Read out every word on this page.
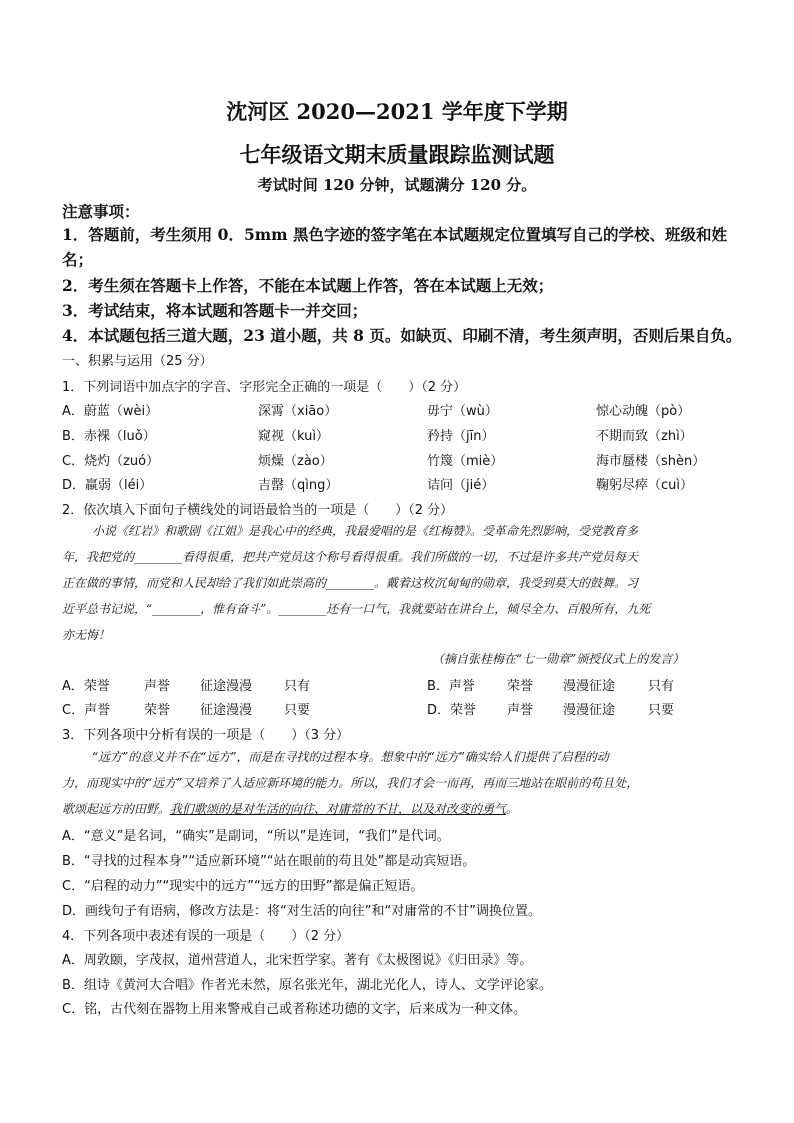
沈河区 2020—2021 学年度下学期
七年级语文期末质量跟踪监测试题
考试时间 120 分钟，试题满分 120 分。
注意事项：
1．答题前，考生须用 0．5mm 黑色字迹的签字笔在本试题规定位置填写自己的学校、班级和姓
名；
2．考生须在答题卡上作答，不能在本试题上作答，答在本试题上无效；
3．考试结束，将本试题和答题卡一并交回；
4．本试题包括三道大题，23 道小题，共 8 页。如缺页、印刷不清，考生须声明，否则后果自负。
一、积累与运用（25 分）
1．下列词语中加点字的字音、字形完全正确的一项是（　　）（2 分）
A．蔚蓝（wèi）	深霄（xiāo）	毋宁（wù）	惊心动魄（pò）
B．赤裸（luǒ）	窥视（kuì）	矜持（jīn）	不期而致（zhì）
C．烧灼（zuó）	烦燥（zào）	竹篾（miè）	海市蜃楼（shèn）
D．羸弱（léi）	吉罄（qìng）	诘问（jié）	鞠躬尽瘁（cuì）
2．依次填入下面句子横线处的词语最恰当的一项是（　　）（2 分）
小说《红岩》和歌剧《江姐》是我心中的经典，我最爱唱的是《红梅赞》。受革命先烈影响，受党教育多
年，我把党的________看得很重，把共产党员这个称号看得很重。我们所做的一切，不过是许多共产党员每天
正在做的事情，而党和人民却给了我们如此崇高的________。戴着这枚沉甸甸的勋章，我受到莫大的鼓舞。习
近平总书记说，“________，惟有奋斗”。________还有一口气，我就要站在讲台上，倾尽全力、百般所有，九死
亦无悔！
（摘自张桂梅在“七一勋章”颁授仪式上的发言）
A．荣誉	声誉 征途漫漫 只有	B．声誉 荣誉 漫漫征途	只有
C．声誉	荣誉 征途漫漫 只要	D．荣誉 声誉 漫漫征途	只要
3．下列各项中分析有误的一项是（　　）（3 分）
“远方”的意义并不在“远方”，而是在寻找的过程本身。想象中的“远方”确实给人们提供了启程的动
力，而现实中的“远方”又培养了人适应新环境的能力。所以，我们才会一而再，再而三地站在眼前的苟且处，
歌颂起远方的田野。我们歌颂的是对生活的向往、对庸常的不甘，以及对改变的勇气。
A．“意义”是名词，“确实”是副词，“所以”是连词，“我们”是代词。
B．“寻找的过程本身”“适应新环境”“站在眼前的苟且处”都是动宾短语。
C．“启程的动力”“现实中的远方”“远方的田野”都是偏正短语。
D．画线句子有语病，修改方法是：将“对生活的向往”和“对庸常的不甘”调换位置。
4．下列各项中表述有误的一项是（　　）（2 分）
A．周敦颐，字茂叔，道州营道人，北宋哲学家。著有《太极图说》《归田录》等。
B．组诗《黄河大合唱》作者光未然，原名张光年，湖北光化人，诗人、文学评论家。
C．铭，古代刻在器物上用来警戒自己或者称述功德的文字，后来成为一种文体。
